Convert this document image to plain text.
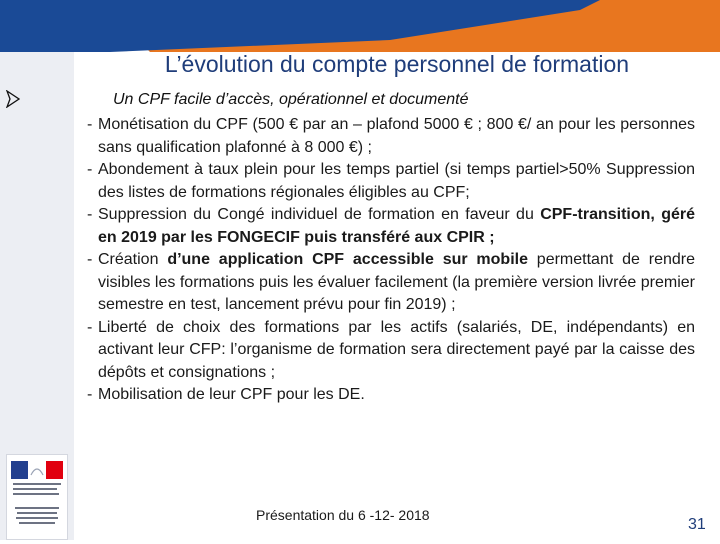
L’évolution du compte personnel de formation
Un CPF facile d’accès, opérationnel et documenté
- Monétisation du CPF (500 € par an – plafond 5000 € ; 800 €/ an pour les personnes sans qualification plafonné à 8 000 €) ;
- Abondement à taux plein pour les temps partiel (si temps partiel>50% Suppression des listes de formations régionales éligibles au CPF;
- Suppression du Congé individuel de formation en faveur du CPF-transition, géré en 2019 par les FONGECIF puis transféré aux CPIR ;
- Création d’une application CPF accessible sur mobile permettant de rendre visibles les formations puis les évaluer facilement (la première version livrée premier semestre en test, lancement prévu pour fin 2019) ;
- Liberté de choix des formations par les actifs (salariés, DE, indépendants) en activant leur CFP: l’organisme de formation sera directement payé par la caisse des dépôts et consignations ;
- Mobilisation de leur CPF pour les DE.
Présentation du 6 -12- 2018
31
